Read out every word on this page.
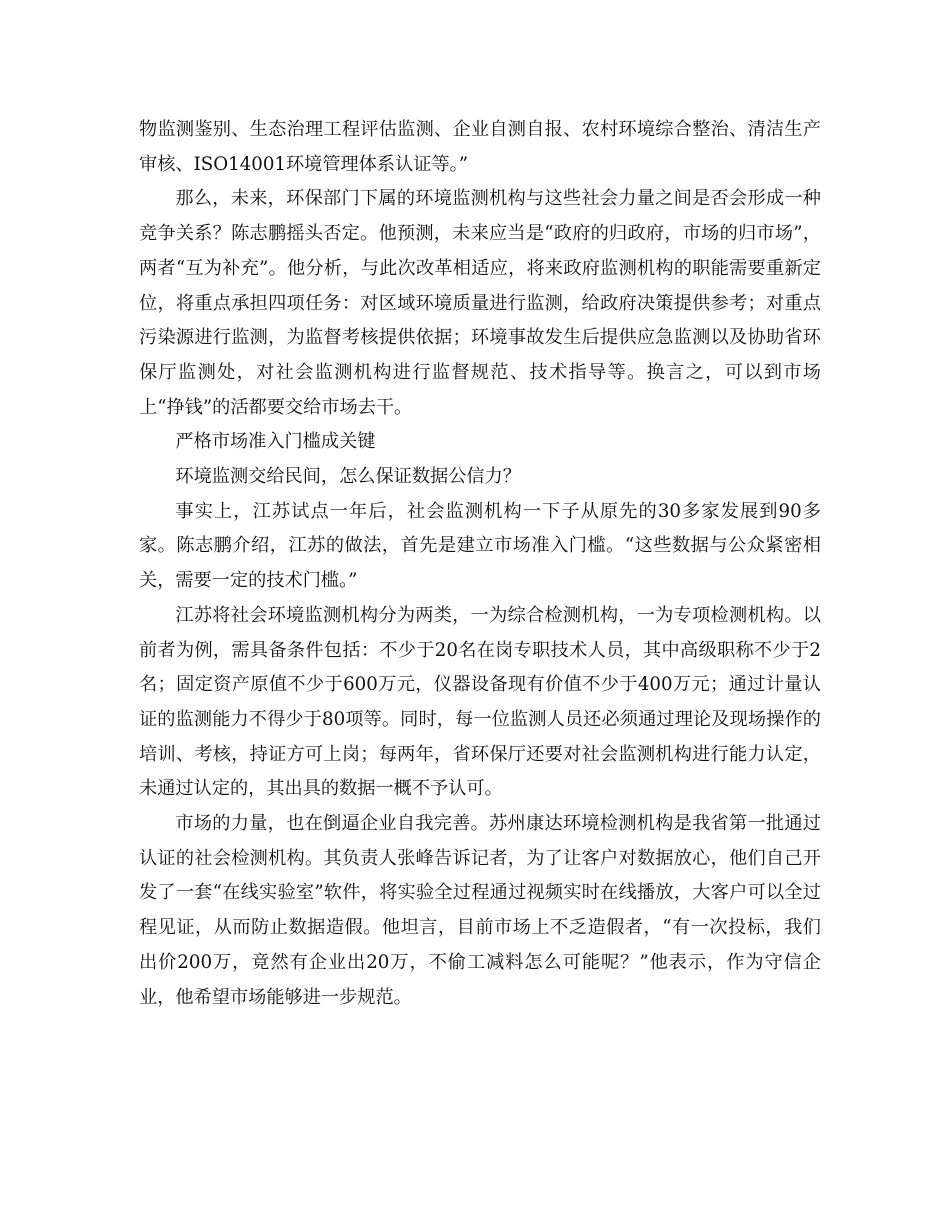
物监测鉴别、生态治理工程评估监测、企业自测自报、农村环境综合整治、清洁生产审核、ISO14001环境管理体系认证等。”

那么，未来，环保部门下属的环境监测机构与这些社会力量之间是否会形成一种竞争关系？陈志鹏摇头否定。他预测，未来应当是“政府的归政府，市场的归市场”，两者“互为补充”。他分析，与此次改革相适应，将来政府监测机构的职能需要重新定位，将重点承担四项任务：对区域环境质量进行监测，给政府决策提供参考；对重点污染源进行监测，为监督考核提供依据；环境事故发生后提供应急监测以及协助省环保厅监测处，对社会监测机构进行监督规范、技术指导等。换言之，可以到市场上“挣钱”的活都要交给市场去干。

严格市场准入门槛成关键

环境监测交给民间，怎么保证数据公信力？

事实上，江苏试点一年后，社会监测机构一下子从原先的30多家发展到90多家。陈志鹏介绍，江苏的做法，首先是建立市场准入门槛。“这些数据与公众紧密相关，需要一定的技术门槛。”

江苏将社会环境监测机构分为两类，一为综合检测机构，一为专项检测机构。以前者为例，需具备条件包括：不少于20名在岗专职技术人员，其中高级职称不少于2名；固定资产原值不少于600万元，仪器设备现有价值不少于400万元；通过计量认证的监测能力不得少于80项等。同时，每一位监测人员还必须通过理论及现场操作的培训、考核，持证方可上岗；每两年，省环保厅还要对社会监测机构进行能力认定，未通过认定的，其出具的数据一概不予认可。

市场的力量，也在倒逼企业自我完善。苏州康达环境检测机构是我省第一批通过认证的社会检测机构。其负责人张峰告诉记者，为了让客户对数据放心，他们自己开发了一套“在线实验室”软件，将实验全过程通过视频实时在线播放，大客户可以全过程见证，从而防止数据造假。他坦言，目前市场上不乏造假者，“有一次投标，我们出价200万，竟然有企业出20万，不偷工减料怎么可能呢？”他表示，作为守信企业，他希望市场能够进一步规范。
